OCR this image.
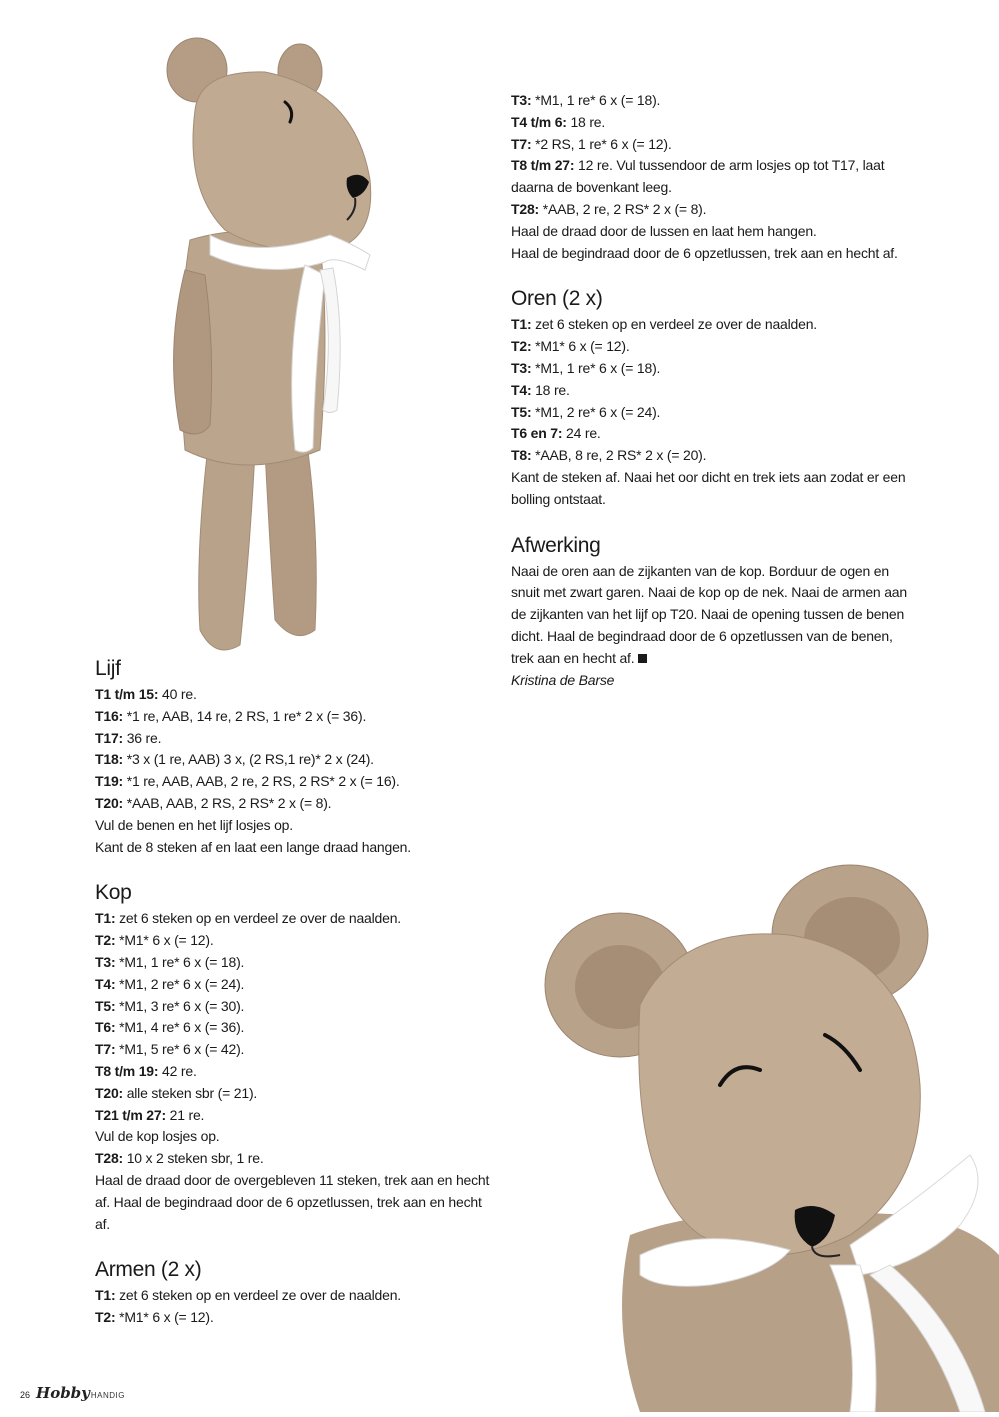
Lijf

T1 t/m 15: 40 re.

T16: *1 re, AAB, 14 re, 2 RS, 1 re* 2 x (= 36).

T17: 36 re.

T18: *3 x (1 re, AAB) 3 x, (2 RS,1 re)* 2 x (24).

T19: *1 re, AAB, AAB, 2 re, 2 RS, 2 RS* 2 x (= 16).

T20: *AAB, AAB, 2 RS, 2 RS* 2 x (= 8).

Vul de benen en het lijf losjes op.

Kant de 8 steken af en laat een lange draad hangen.

Kop

T1: zet 6 steken op en verdeel ze over de naalden.

T2: *M1* 6 x (= 12).

T3: *M1, 1 re* 6 x (= 18).

T4: *M1, 2 re* 6 x (= 24).

T5: *M1, 3 re* 6 x (= 30).

T6: *M1, 4 re* 6 x (= 36).

T7: *M1, 5 re* 6 x (= 42).

T8 t/m 19: 42 re.

T20: alle steken sbr (= 21).

T21 t/m 27: 21 re.

Vul de kop losjes op.

T28: 10 x 2 steken sbr, 1 re.

Haal de draad door de overgebleven 11 steken, trek aan en hecht af. Haal de begindraad door de 6 opzetlussen, trek aan en hecht af.

Armen (2 x)

T1: zet 6 steken op en verdeel ze over de naalden.

T2: *M1* 6 x (= 12).

T3: *M1, 1 re* 6 x (= 18).

T4 t/m 6: 18 re.

T7: *2 RS, 1 re* 6 x (= 12).

T8 t/m 27: 12 re. Vul tussendoor de arm losjes op tot T17, laat daarna de bovenkant leeg.

T28: *AAB, 2 re, 2 RS* 2 x (= 8).

Haal de draad door de lussen en laat hem hangen.

Haal de begindraad door de 6 opzetlussen, trek aan en hecht af.

Oren (2 x)

T1: zet 6 steken op en verdeel ze over de naalden.

T2: *M1* 6 x (= 12).

T3: *M1, 1 re* 6 x (= 18).

T4: 18 re.

T5: *M1, 2 re* 6 x (= 24).

T6 en 7: 24 re.

T8: *AAB, 8 re, 2 RS* 2 x (= 20).

Kant de steken af. Naai het oor dicht en trek iets aan zodat er een bolling ontstaat.

Afwerking

Naai de oren aan de zijkanten van de kop. Borduur de ogen en snuit met zwart garen. Naai de kop op de nek. Naai de armen aan de zijkanten van het lijf op T20. Naai de opening tussen de benen dicht. Haal de begindraad door de 6 opzetlussen van de benen, trek aan en hecht af.

Kristina de Barse

26 Hobby HANDIG
